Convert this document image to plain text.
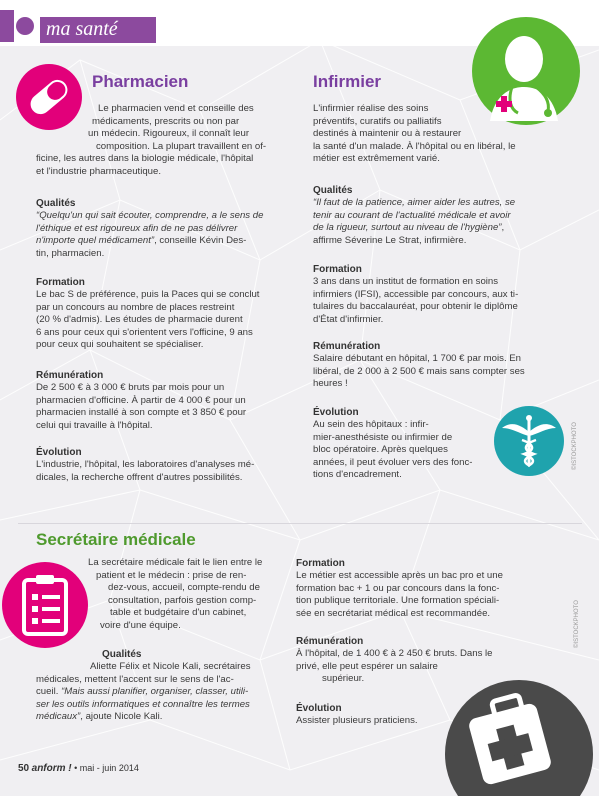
ma santé
Pharmacien

Le pharmacien vend et conseille des

médicaments, prescrits ou non par

un médecin. Rigoureux, il connaît leur

composition. La plupart travaillent en of-

ficine, les autres dans la biologie médicale, l'hôpital

et l'industrie pharmaceutique.

Qualités

“Quelqu'un qui sait écouter, comprendre, a le sens de

l'éthique et est rigoureux afin de ne pas délivrer

n'importe quel médicament”, conseille Kévin Des-

tin, pharmacien.

Formation

Le bac S de préférence, puis la Paces qui se conclut

par un concours au nombre de places restreint

(20 % d'admis). Les études de pharmacie durent

6 ans pour ceux qui s'orientent vers l'officine, 9 ans

pour ceux qui souhaitent se spécialiser.

Rémunération

De 2 500 € à 3 000 € bruts par mois pour un

pharmacien d'officine. À partir de 4 000 € pour un

pharmacien installé à son compte et 3 850 € pour

celui qui travaille à l'hôpital.

Évolution

L'industrie, l'hôpital, les laboratoires d'analyses mé-

dicales, la recherche offrent d'autres possibilités.

Infirmier

L'infirmier réalise des soins

préventifs, curatifs ou palliatifs

destinés à maintenir ou à restaurer

la santé d'un malade. À l'hôpital ou en libéral, le

métier est extrêmement varié.

Qualités

“Il faut de la patience, aimer aider les autres, se

tenir au courant de l'actualité médicale et avoir

de la rigueur, surtout au niveau de l'hygiène”,

affirme Séverine Le Strat, infirmière.

Formation

3 ans dans un institut de formation en soins

infirmiers (IFSI), accessible par concours, aux ti-

tulaires du baccalauréat, pour obtenir le diplôme

d'État d'infirmier.

Rémunération

Salaire débutant en hôpital, 1 700 € par mois. En

libéral, de 2 000 à 2 500 € mais sans compter ses

heures !

Évolution

Au sein des hôpitaux : infir-

mier-anesthésiste ou infirmier de

bloc opératoire. Après quelques

années, il peut évoluer vers des fonc-

tions d'encadrement.

©ISTOCKPHOTO
Secrétaire médicale

La secrétaire médicale fait le lien entre le

patient et le médecin : prise de ren-

dez-vous, accueil, compte-rendu de

consultation, parfois gestion comp-

table et budgétaire d'un cabinet,

voire d'une équipe.

Qualités

Aliette Félix et Nicole Kali, secrétaires

médicales, mettent l'accent sur le sens de l'ac-

cueil. “Mais aussi planifier, organiser, classer, utili-

ser les outils informatiques et connaître les termes

médicaux”, ajoute Nicole Kali.

Formation

Le métier est accessible après un bac pro et une

formation bac + 1 ou par concours dans la fonc-

tion publique territoriale. Une formation spéciali-

sée en secrétariat médical est recommandée.

Rémunération

À l'hôpital, de 1 400 € à 2 450 € bruts. Dans le

privé, elle peut espérer un salaire

supérieur.

Évolution

Assister plusieurs praticiens.

©ISTOCKPHOTO
50 anform ! • mai - juin 2014
